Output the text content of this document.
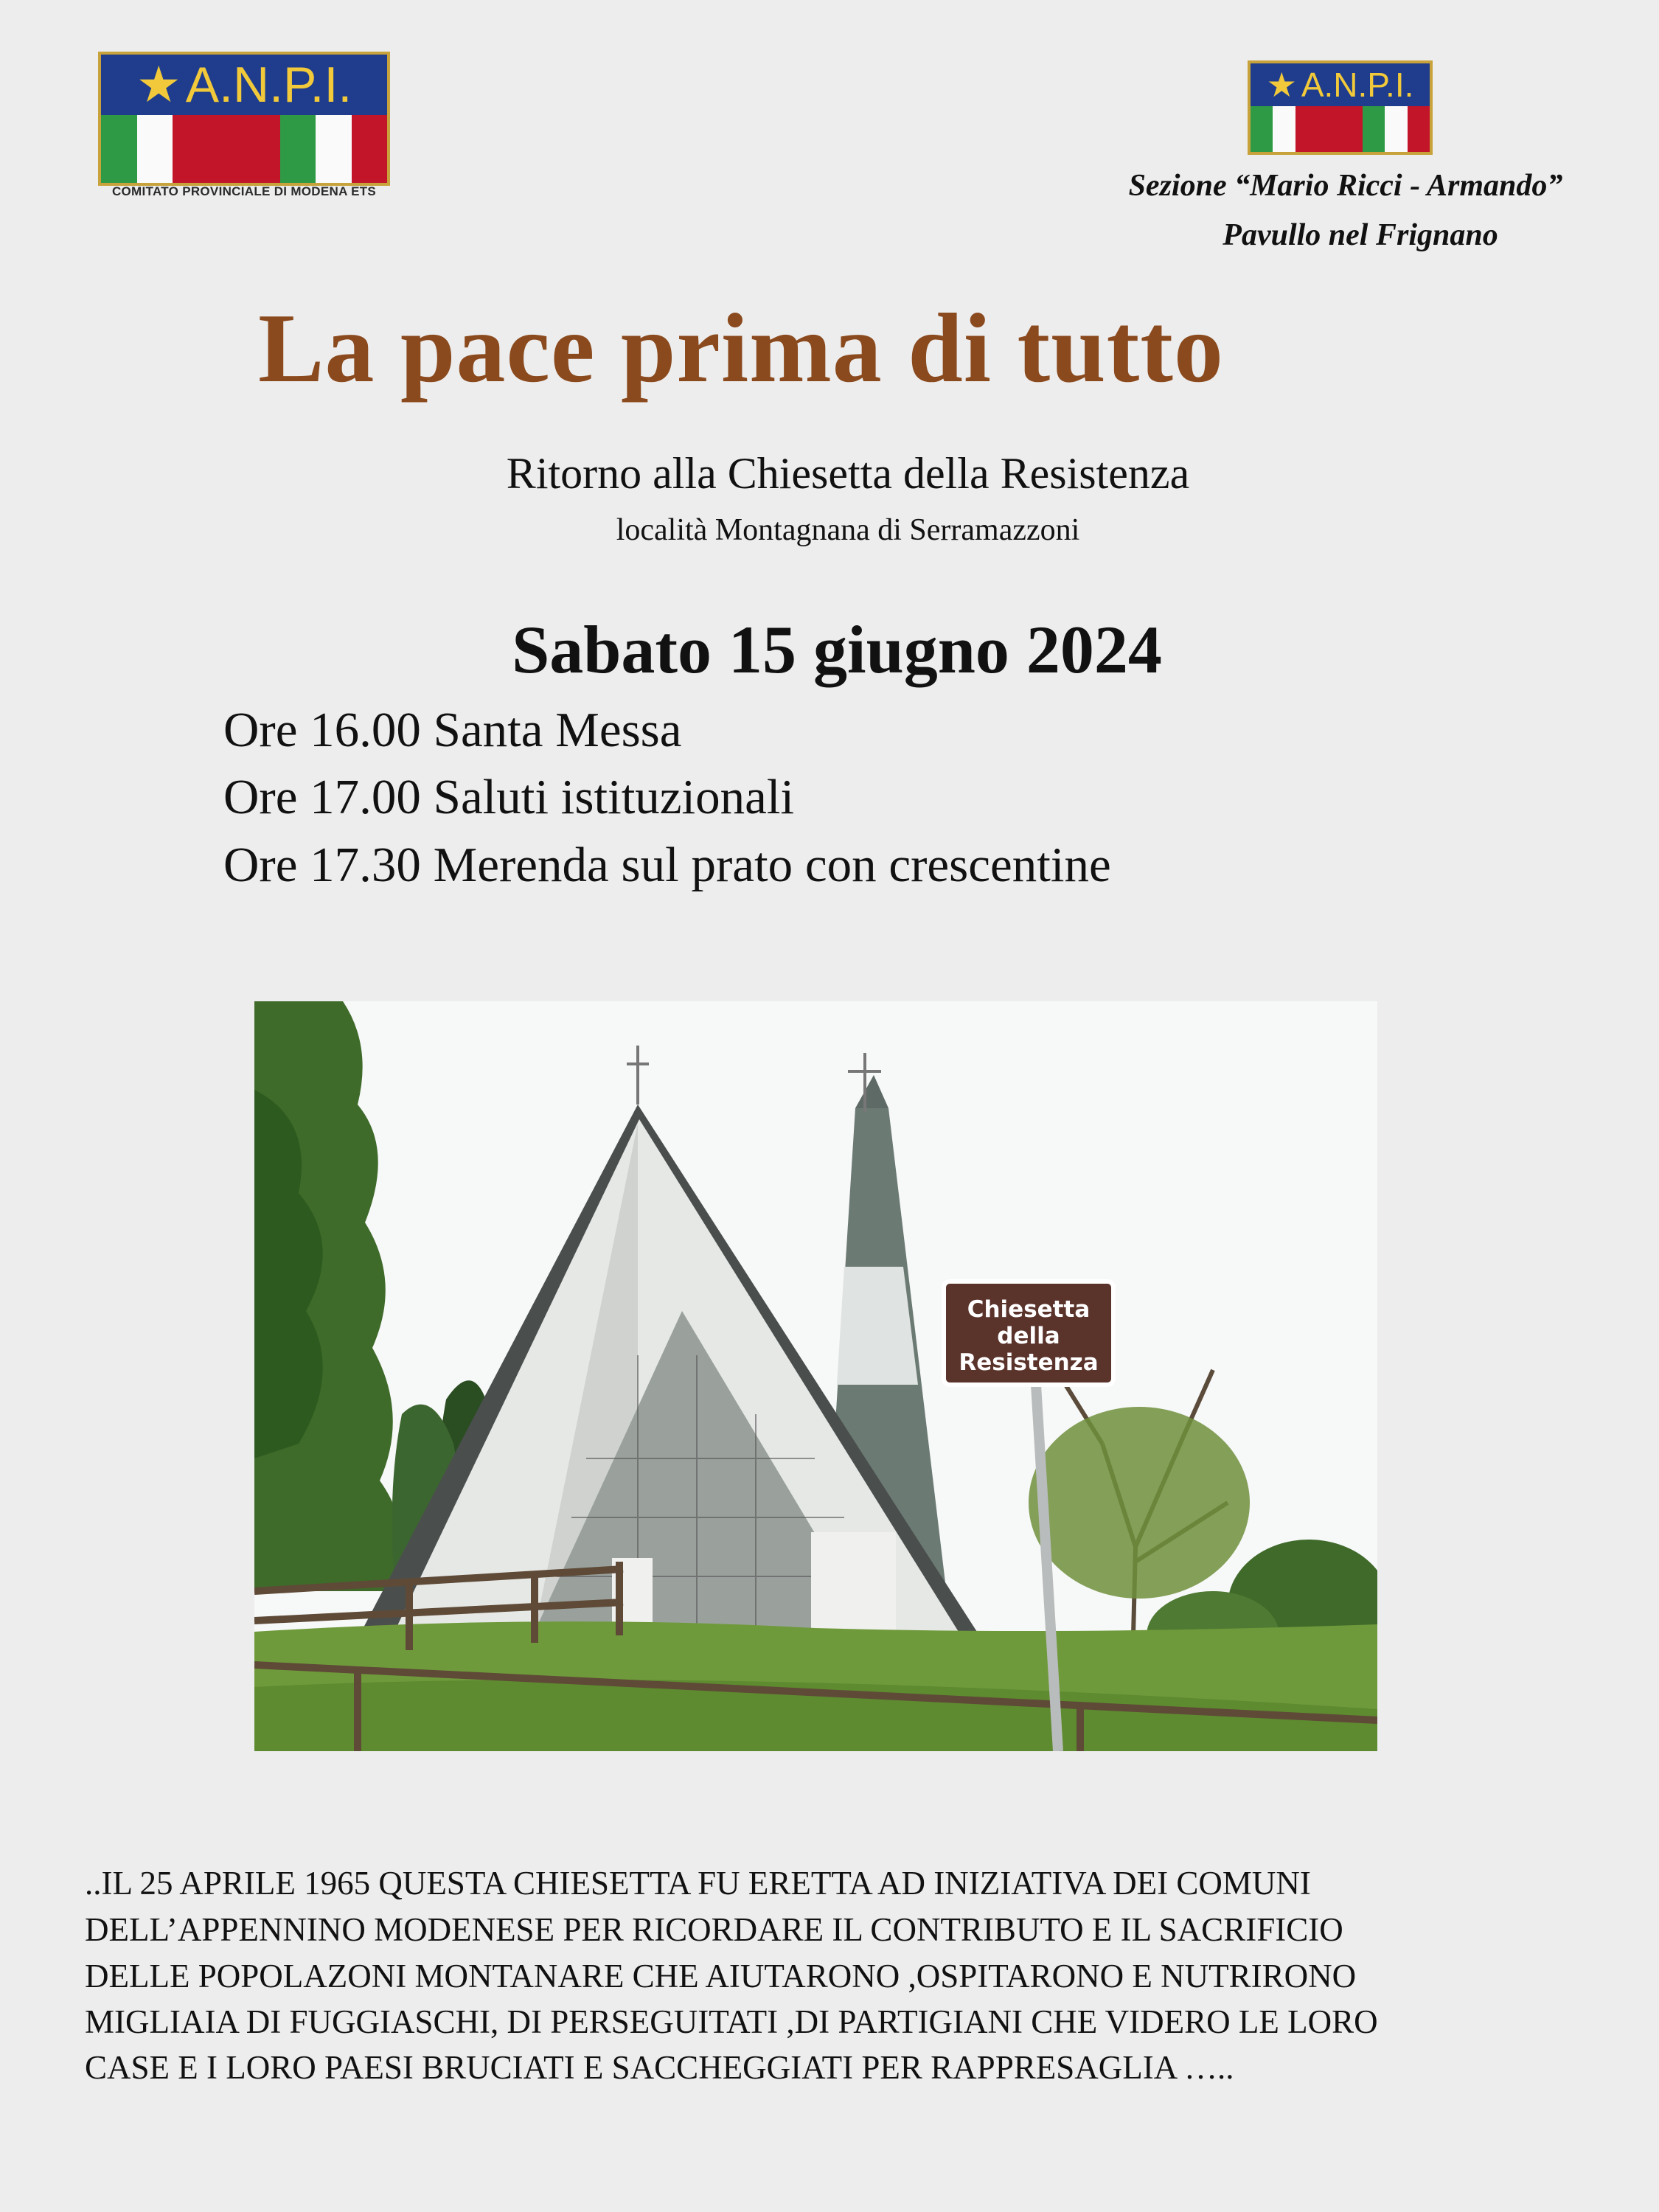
★ A.N.P.I.
COMITATO PROVINCIALE DI MODENA ETS
★ A.N.P.I.
Sezione “Mario Ricci - Armando”
Pavullo nel Frignano
La pace prima di tutto
Ritorno alla Chiesetta della Resistenza
località Montagnana di Serramazzoni
Sabato 15 giugno 2024
Ore 16.00 Santa Messa
Ore 17.00 Saluti istituzionali
Ore 17.30 Merenda sul prato con crescentine
Chiesetta
della
Resistenza
..IL 25 APRILE 1965 QUESTA CHIESETTA FU ERETTA AD INIZIATIVA DEI COMUNI
DELL’APPENNINO MODENESE PER RICORDARE IL CONTRIBUTO E IL SACRIFICIO
DELLE POPOLAZONI MONTANARE CHE AIUTARONO ,OSPITARONO E NUTRIRONO
MIGLIAIA DI FUGGIASCHI, DI PERSEGUITATI ,DI PARTIGIANI CHE VIDERO LE LORO
CASE E I LORO PAESI BRUCIATI E SACCHEGGIATI PER RAPPRESAGLIA …..
